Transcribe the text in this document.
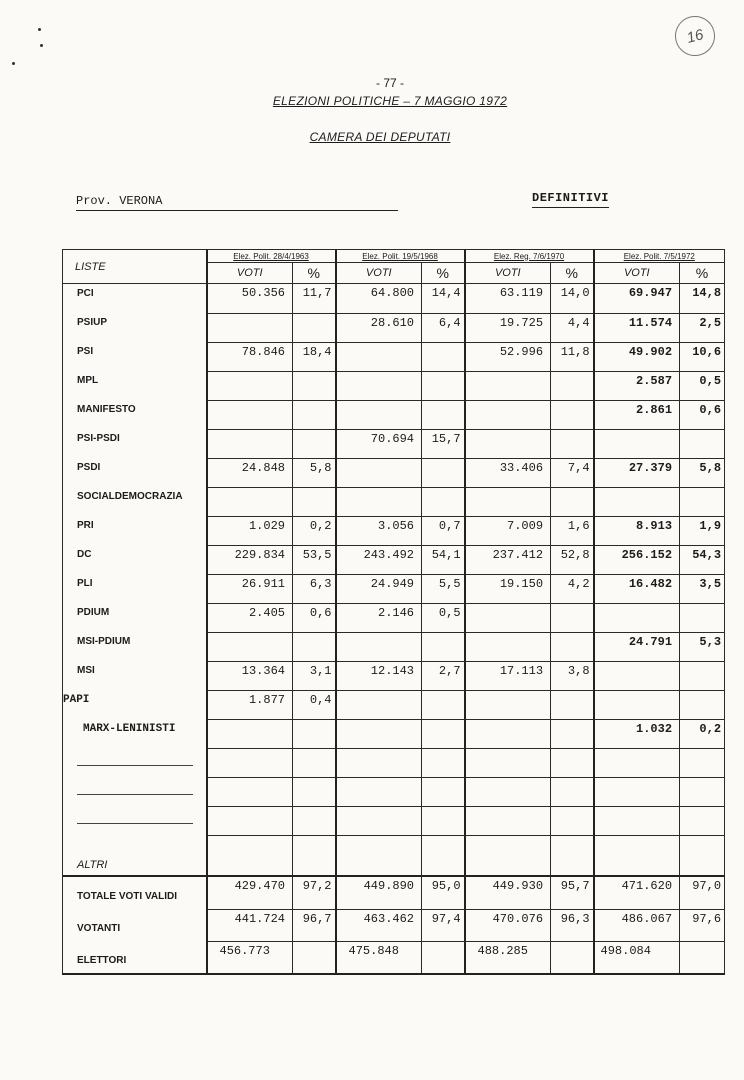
16
- 77 -
ELEZIONI POLITICHE – 7 MAGGIO 1972
CAMERA DEI DEPUTATI
Prov. VERONA	DEFINITIVI
LISTE	Elez. Polit. 28/4/1963		Elez. Polit. 19/5/1968		Elez. Reg. 7/6/1970		Elez. Polit. 7/5/1972	
	VOTI	%	VOTI	%	VOTI	%	VOTI	%
PCI	50.356	11,7	64.800	14,4	63.119	14,0	69.947	14,8
PSIUP			28.610	6,4	19.725	4,4	11.574	2,5
PSI	78.846	18,4			52.996	11,8	49.902	10,6
MPL							2.587	0,5
MANIFESTO							2.861	0,6
PSI-PSDI			70.694	15,7				
PSDI	24.848	5,8			33.406	7,4	27.379	5,8
SOCIALDEMOCRAZIA								
PRI	1.029	0,2	3.056	0,7	7.009	1,6	8.913	1,9
DC	229.834	53,5	243.492	54,1	237.412	52,8	256.152	54,3
PLI	26.911	6,3	24.949	5,5	19.150	4,2	16.482	3,5
PDIUM	2.405	0,6	2.146	0,5				
MSI-PDIUM							24.791	5,3
MSI	13.364	3,1	12.143	2,7	17.113	3,8		
PAPI	1.877	0,4						
MARX-LENINISTI							1.032	0,2

ALTRI								
TOTALE VOTI VALIDI	429.470	97,2	449.890	95,0	449.930	95,7	471.620	97,0
VOTANTI	441.724	96,7	463.462	97,4	470.076	96,3	486.067	97,6
ELETTORI	456.773		475.848		488.285		498.084	
